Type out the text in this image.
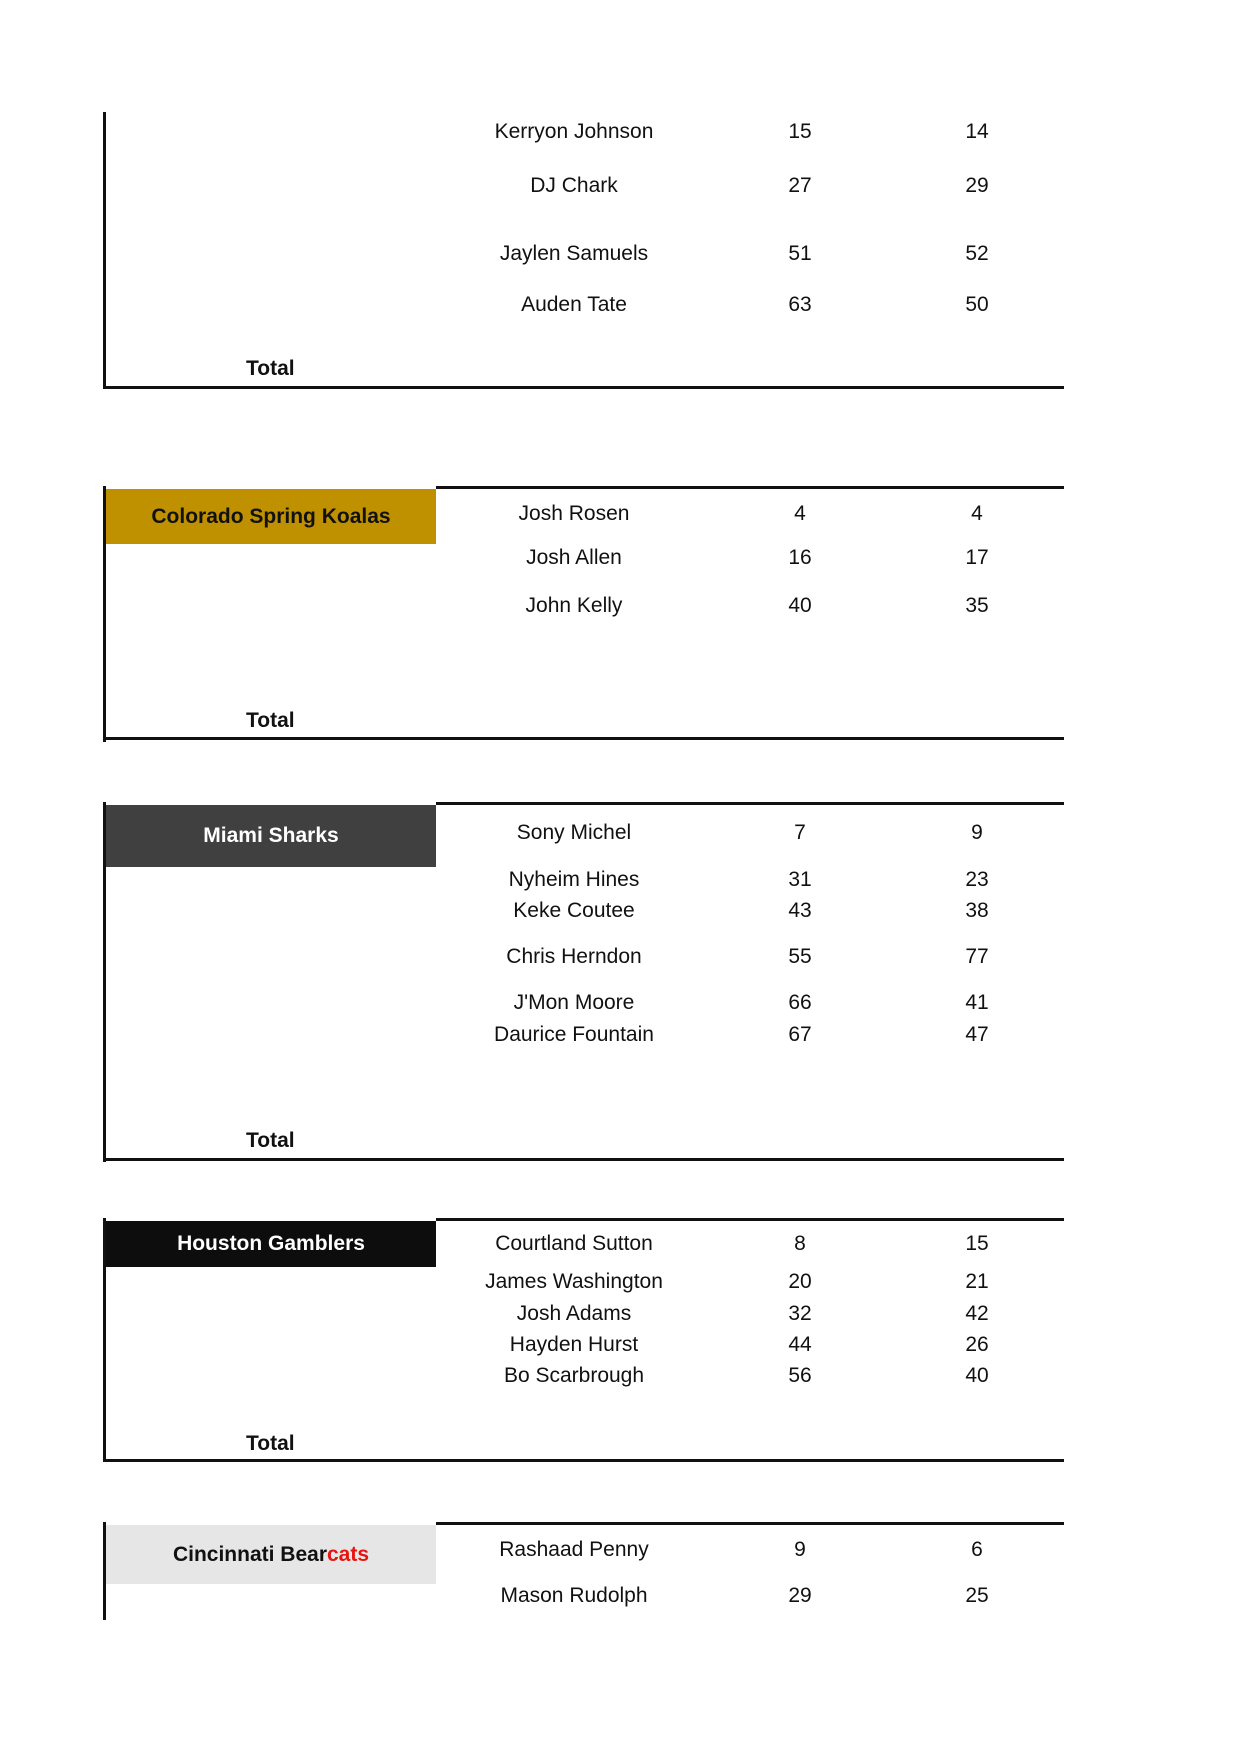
Kerryon Johnson	15	14
DJ Chark	27	29
Jaylen Samuels	51	52
Auden Tate	63	50
Total
Colorado Spring Koalas	Josh Rosen	4	4
Josh Allen	16	17
John Kelly	40	35
Total
Miami Sharks	Sony Michel	7	9
Nyheim Hines	31	23
Keke Coutee	43	38
Chris Herndon	55	77
J'Mon Moore	66	41
Daurice Fountain	67	47
Total
Houston Gamblers	Courtland Sutton	8	15
James Washington	20	21
Josh Adams	32	42
Hayden Hurst	44	26
Bo Scarbrough	56	40
Total
Cincinnati Bear cats	Rashaad Penny	9	6
Mason Rudolph	29	25
